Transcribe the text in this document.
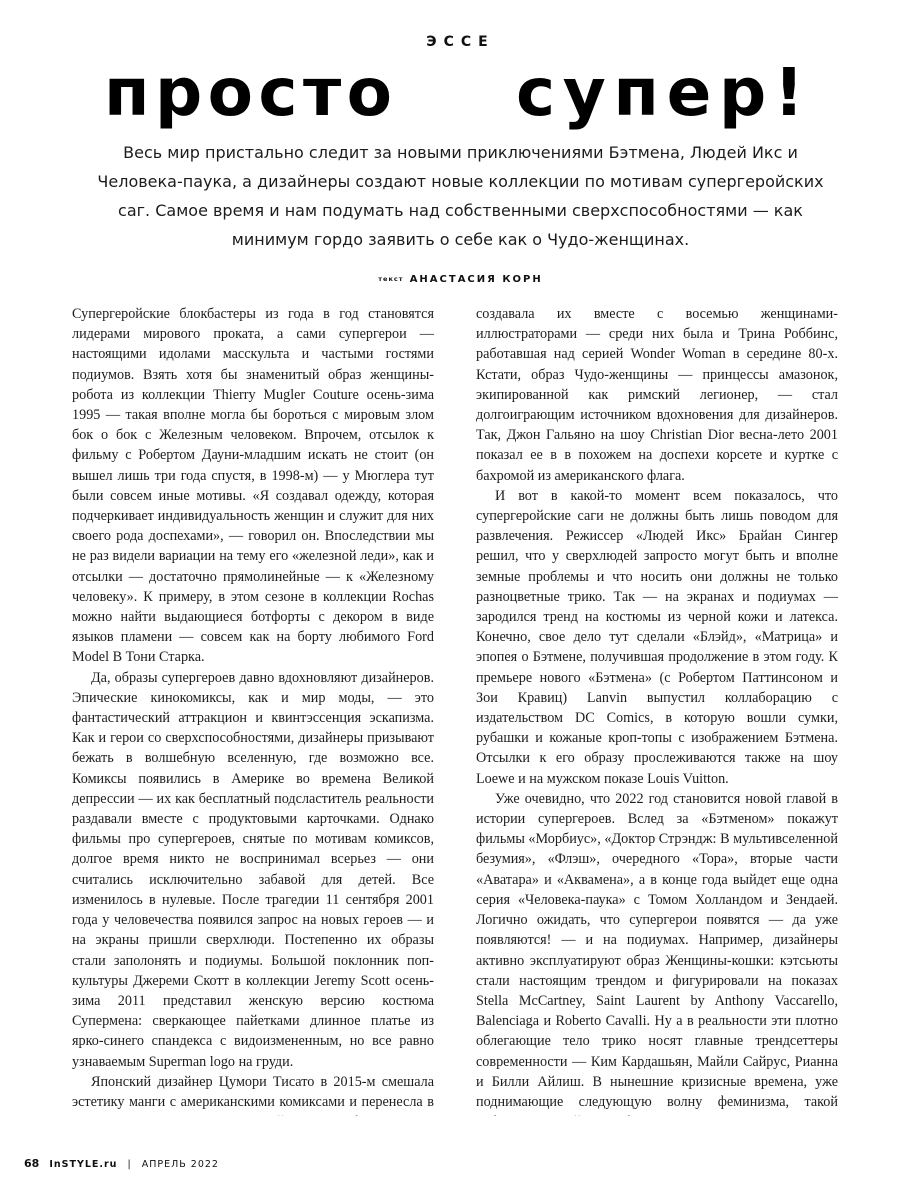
ЭССЕ
п р о с т о с у п е р !
Весь мир пристально следит за новыми приключениями Бэтмена, Людей Икс и Человека-паука, а дизайнеры создают новые коллекции по мотивам супергеройских саг. Самое время и нам подумать над собственными сверхспособностями — как минимум гордо заявить о себе как о Чудо-женщинах.
текст АНАСТАСИЯ КОРН

Супергеройские блокбастеры из года в год становятся лидерами мирового проката, а сами супергерои — настоящими идолами масскульта и частыми гостями подиумов. Взять хотя бы знаменитый образ женщины-робота из коллекции Thierry Mugler Couture осень-зима 1995 — такая вполне могла бы бороться с мировым злом бок о бок с Железным человеком. Впрочем, отсылок к фильму с Робертом Дауни-младшим искать не стоит (он вышел лишь три года спустя, в 1998-м) — у Мюглера тут были совсем иные мотивы. «Я создавал одежду, которая подчеркивает индивидуальность женщин и служит для них своего рода доспехами», — говорил он. Впоследствии мы не раз видели вариации на тему его «железной леди», как и отсылки — достаточно прямолинейные — к «Железному человеку». К примеру, в этом сезоне в коллекции Rochas можно найти выдающиеся ботфорты с декором в виде языков пламени — совсем как на борту любимого Ford Model B Тони Старка.

Да, образы супергероев давно вдохновляют дизайнеров. Эпические кинокомиксы, как и мир моды, — это фантастический аттракцион и квинтэссенция эскапизма. Как и герои со сверхспособностями, дизайнеры призывают бежать в волшебную вселенную, где возможно все. Комиксы появились в Америке во времена Великой депрессии — их как бесплатный подсластитель реальности раздавали вместе с продуктовыми карточками. Однако фильмы про супергероев, снятые по мотивам комиксов, долгое время никто не воспринимал всерьез — они считались исключительно забавой для детей. Все изменилось в нулевые. После трагедии 11 сентября 2001 года у человечества появился запрос на новых героев — и на экраны пришли сверхлюди. Постепенно их образы стали заполонять и подиумы. Большой поклонник поп-культуры Джереми Скотт в коллекции Jeremy Scott осень-зима 2011 представил женскую версию костюма Супермена: сверкающее пайетками длинное платье из ярко-синего спандекса с видоизмененным, но все равно узнаваемым Superman logo на груди.

Японский дизайнер Цумори Тисато в 2015-м смешала эстетику манги с американскими комиксами и перенесла в

создавала их вместе с восемью женщинами-иллюстраторами — среди них была и Трина Роббинс, работавшая над серией Wonder Woman в середине 80-х. Кстати, образ Чудо-женщины — принцессы амазонок, экипированной как римский легионер, — стал долгоиграющим источником вдохновения для дизайнеров. Так, Джон Гальяно на шоу Christian Dior весна-лето 2001 показал ее в в похожем на доспехи корсете и куртке с бахромой из американского флага.

И вот в какой-то момент всем показалось, что супергеройские саги не должны быть лишь поводом для развлечения. Режиссер «Людей Икс» Брайан Сингер решил, что у сверхлюдей запросто могут быть и вполне земные проблемы и что носить они должны не только разноцветные трико. Так — на экранах и подиумах — зародился тренд на костюмы из черной кожи и латекса. Конечно, свое дело тут сделали «Блэйд», «Матрица» и эпопея о Бэтмене, получившая продолжение в этом году. К премьере нового «Бэтмена» (с Робертом Паттинсоном и Зои Кравиц) Lanvin выпустил коллаборацию с издательством DC Comics, в которую вошли сумки, рубашки и кожаные кроп-топы с изображением Бэтмена. Отсылки к его образу прослеживаются также на шоу Loewe и на мужском показе Louis Vuitton.

Уже очевидно, что 2022 год становится новой главой в истории супергероев. Вслед за «Бэтменом» покажут фильмы «Морбиус», «Доктор Стрэндж: В мультивселенной безумия», «Флэш», очередного «Тора», вторые части «Аватара» и «Аквамена», а в конце года выйдет еще одна серия «Человека-паука» с Томом Холландом и Зендаей. Логично ожидать, что супергерои появятся — да уже появляются! — и на подиумах. Например, дизайнеры активно эксплуатируют образ Женщины-кошки: кэтсьюты стали настоящим трендом и фигурировали на показах Stella McCartney, Saint Laurent by Anthony Vaccarello, Balenciaga и Roberto Cavalli. Ну а в реальности эти плотно облегающие тело трико носят главные трендсеттеры современности — Ким Кардашьян, Майли Сайрус, Рианна и Билли Айлиш. В нынешние кризисные времена, уже поднимающие следующую волну феминизма, такой

68 InSTYLE.ru | АПРЕЛЬ 2022
